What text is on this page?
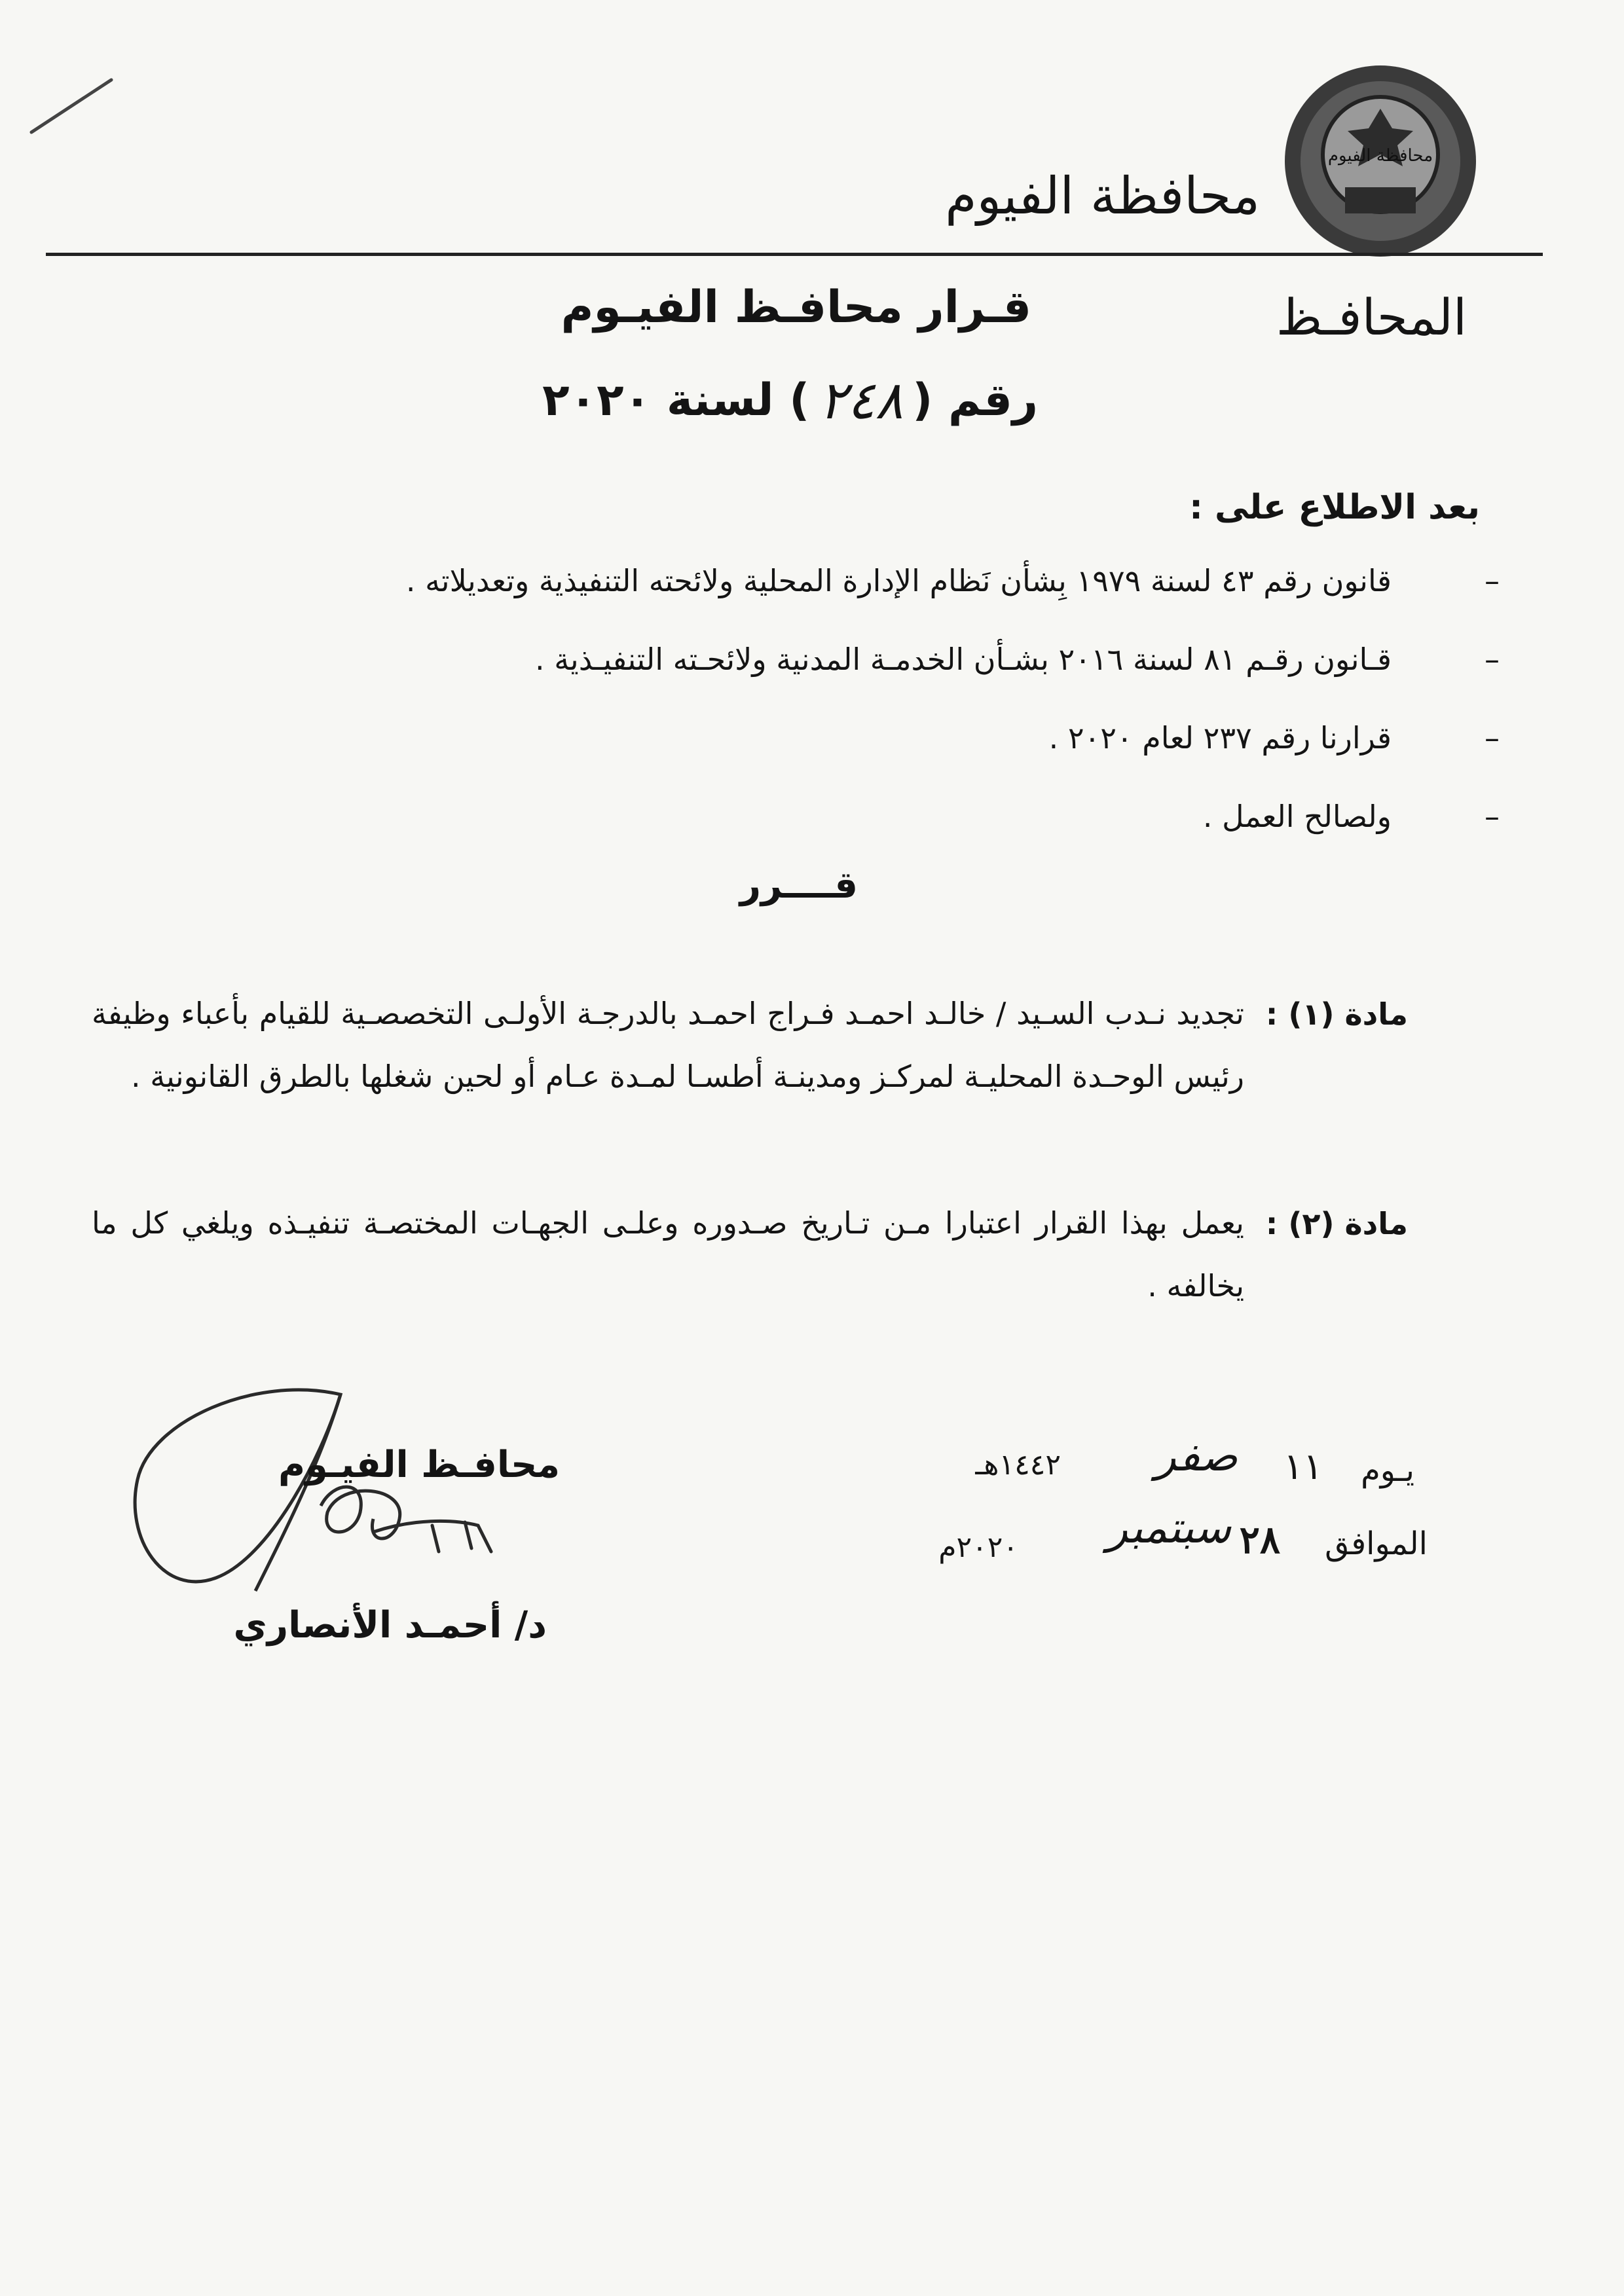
محافظة الفيوم
محافظة الفيوم
المحافـظ
قـرار محافـظ الفيـوم
رقم (
٢٤٨
) لسنة ٢٠٢٠
بعد الاطلاع على :
–
قانون رقم ٤٣ لسنة ١٩٧٩ بِشأن نَظام الإدارة المحلية ولائحته التنفيذية وتعديلاته .
–
قـانون رقـم ٨١ لسنة ٢٠١٦ بشـأن الخدمـة المدنية ولائحـته التنفيـذية .
–
قرارنا رقم ٢٣٧ لعام ٢٠٢٠ .
–
ولصالح العمل .
قــــرر
مادة (١) :
تجديد نـدب السـيد / خالـد احمـد فـراج احمـد بالدرجـة الأولـى التخصصـية للقيام بأعباء وظيفة رئيس الوحـدة المحليـة لمركـز ومدينـة أطسـا لمـدة عـام أو لحين شغلها بالطرق القانونية .
مادة (٢) :
يعمل بهذا القرار اعتبارا مـن تـاريخ صـدوره وعلـى الجهـات المختصـة تنفيـذه ويلغي كل ما يخالفه .
يـوم
١١
صفر
١٤٤٢هـ
الموافق
٢٨
سبتمبر
٢٠٢٠م
محافـظ الفيـوم
د/ أحمـد الأنصاري
